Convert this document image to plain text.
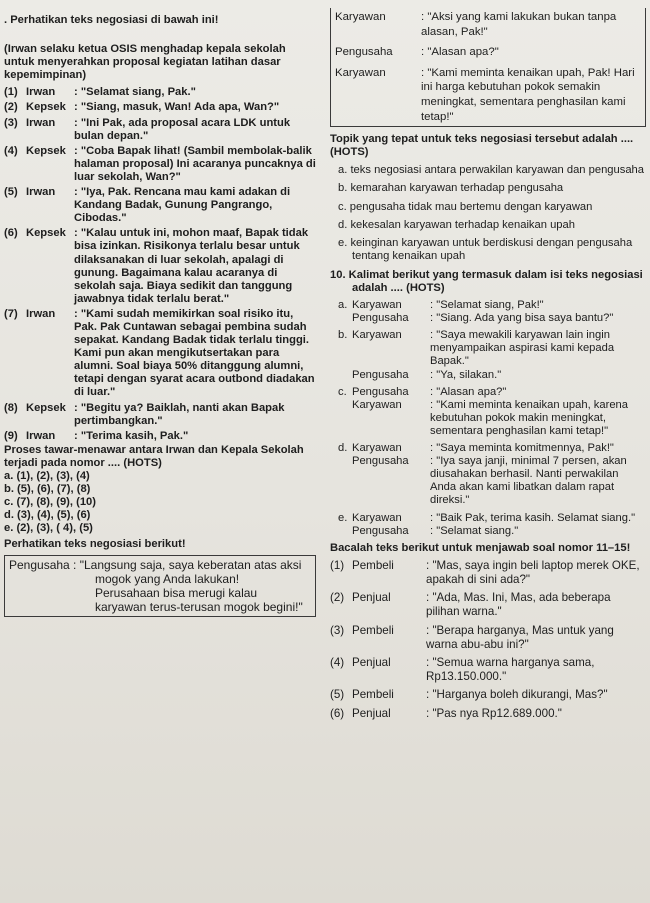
. Perhatikan teks negosiasi di bawah ini!
(Irwan selaku ketua OSIS menghadap kepala sekolah untuk menyerahkan proposal kegiatan latihan dasar kepemimpinan)
(1) Irwan : "Selamat siang, Pak."
(2) Kepsek : "Siang, masuk, Wan! Ada apa, Wan?"
(3) Irwan : "Ini Pak, ada proposal acara LDK untuk bulan depan."
(4) Kepsek : "Coba Bapak lihat! (Sambil membolak-balik halaman proposal) Ini acaranya puncaknya di luar sekolah, Wan?"
(5) Irwan : "Iya, Pak. Rencana mau kami adakan di Kandang Badak, Gunung Pangrango, Cibodas."
(6) Kepsek : "Kalau untuk ini, mohon maaf, Bapak tidak bisa izinkan. Risikonya terlalu besar untuk dilaksanakan di luar sekolah, apalagi di gunung. Bagaimana kalau acaranya di sekolah saja. Biaya sedikit dan tanggung jawabnya tidak terlalu berat."
(7) Irwan : "Kami sudah memikirkan soal risiko itu, Pak. Pak Cuntawan sebagai pembina sudah sepakat. Kandang Badak tidak terlalu tinggi. Kami pun akan mengikutsertakan para alumni. Soal biaya 50% ditanggung alumni, tetapi dengan syarat acara outbond diadakan di luar."
(8) Kepsek : "Begitu ya? Baiklah, nanti akan Bapak pertimbangkan."
(9) Irwan : "Terima kasih, Pak."
Proses tawar-menawar antara Irwan dan Kepala Sekolah terjadi pada nomor .... (HOTS)
a. (1), (2), (3), (4)
b. (5), (6), (7), (8)
c. (7), (8), (9), (10)
d. (3), (4), (5), (6)
e. (2), (3), ( 4), (5)
Perhatikan teks negosiasi berikut!
Pengusaha : "Langsung saja, saya keberatan atas aksi mogok yang Anda lakukan!
Perusahaan bisa merugi kalau karyawan terus-terusan mogok begini!"
Karyawan	: "Aksi yang kami lakukan bukan tanpa alasan, Pak!"
Pengusaha : "Alasan apa?"
Karyawan	: "Kami meminta kenaikan upah, Pak! Hari ini harga kebutuhan pokok semakin meningkat, sementara penghasilan kami tetap!"
Topik yang tepat untuk teks negosiasi tersebut adalah .... (HOTS)
a. teks negosiasi antara perwakilan karyawan dan pengusaha
b. kemarahan karyawan terhadap pengusaha
c. pengusaha tidak mau bertemu dengan karyawan
d. kekesalan karyawan terhadap kenaikan upah
e. keinginan karyawan untuk berdiskusi dengan pengusaha tentang kenaikan upah
10. Kalimat berikut yang termasuk dalam isi teks negosiasi adalah .... (HOTS)
a. Karyawan	: "Selamat siang, Pak!"
Pengusaha : "Siang. Ada yang bisa saya bantu?"
b. Karyawan	: "Saya mewakili karyawan lain ingin menyampaikan aspirasi kami kepada Bapak."
Pengusaha : "Ya, silakan."
c. Pengusaha : "Alasan apa?"
Karyawan	: "Kami meminta kenaikan upah, karena kebutuhan pokok makin meningkat, sementara penghasilan kami tetap!"
d. Karyawan	: "Saya meminta komitmennya, Pak!"
Pengusaha : "Iya saya janji, minimal 7 persen, akan diusahakan berhasil. Nanti perwakilan Anda akan kami libatkan dalam rapat direksi."
e. Karyawan	: "Baik Pak, terima kasih. Selamat siang."
Pengusaha : "Selamat siang."
Bacalah teks berikut untuk menjawab soal nomor 11–15!
(1) Pembeli	: "Mas, saya ingin beli laptop merek OKE, apakah di sini ada?"
(2) Penjual	: "Ada, Mas. Ini, Mas, ada beberapa pilihan warna."
(3) Pembeli	: "Berapa harganya, Mas untuk yang warna abu-abu ini?"
(4) Penjual	: "Semua warna harganya sama, Rp13.150.000."
(5) Pembeli	: "Harganya boleh dikurangi, Mas?"
(6) Penjual	: "Pas nya Rp12.689.000."
